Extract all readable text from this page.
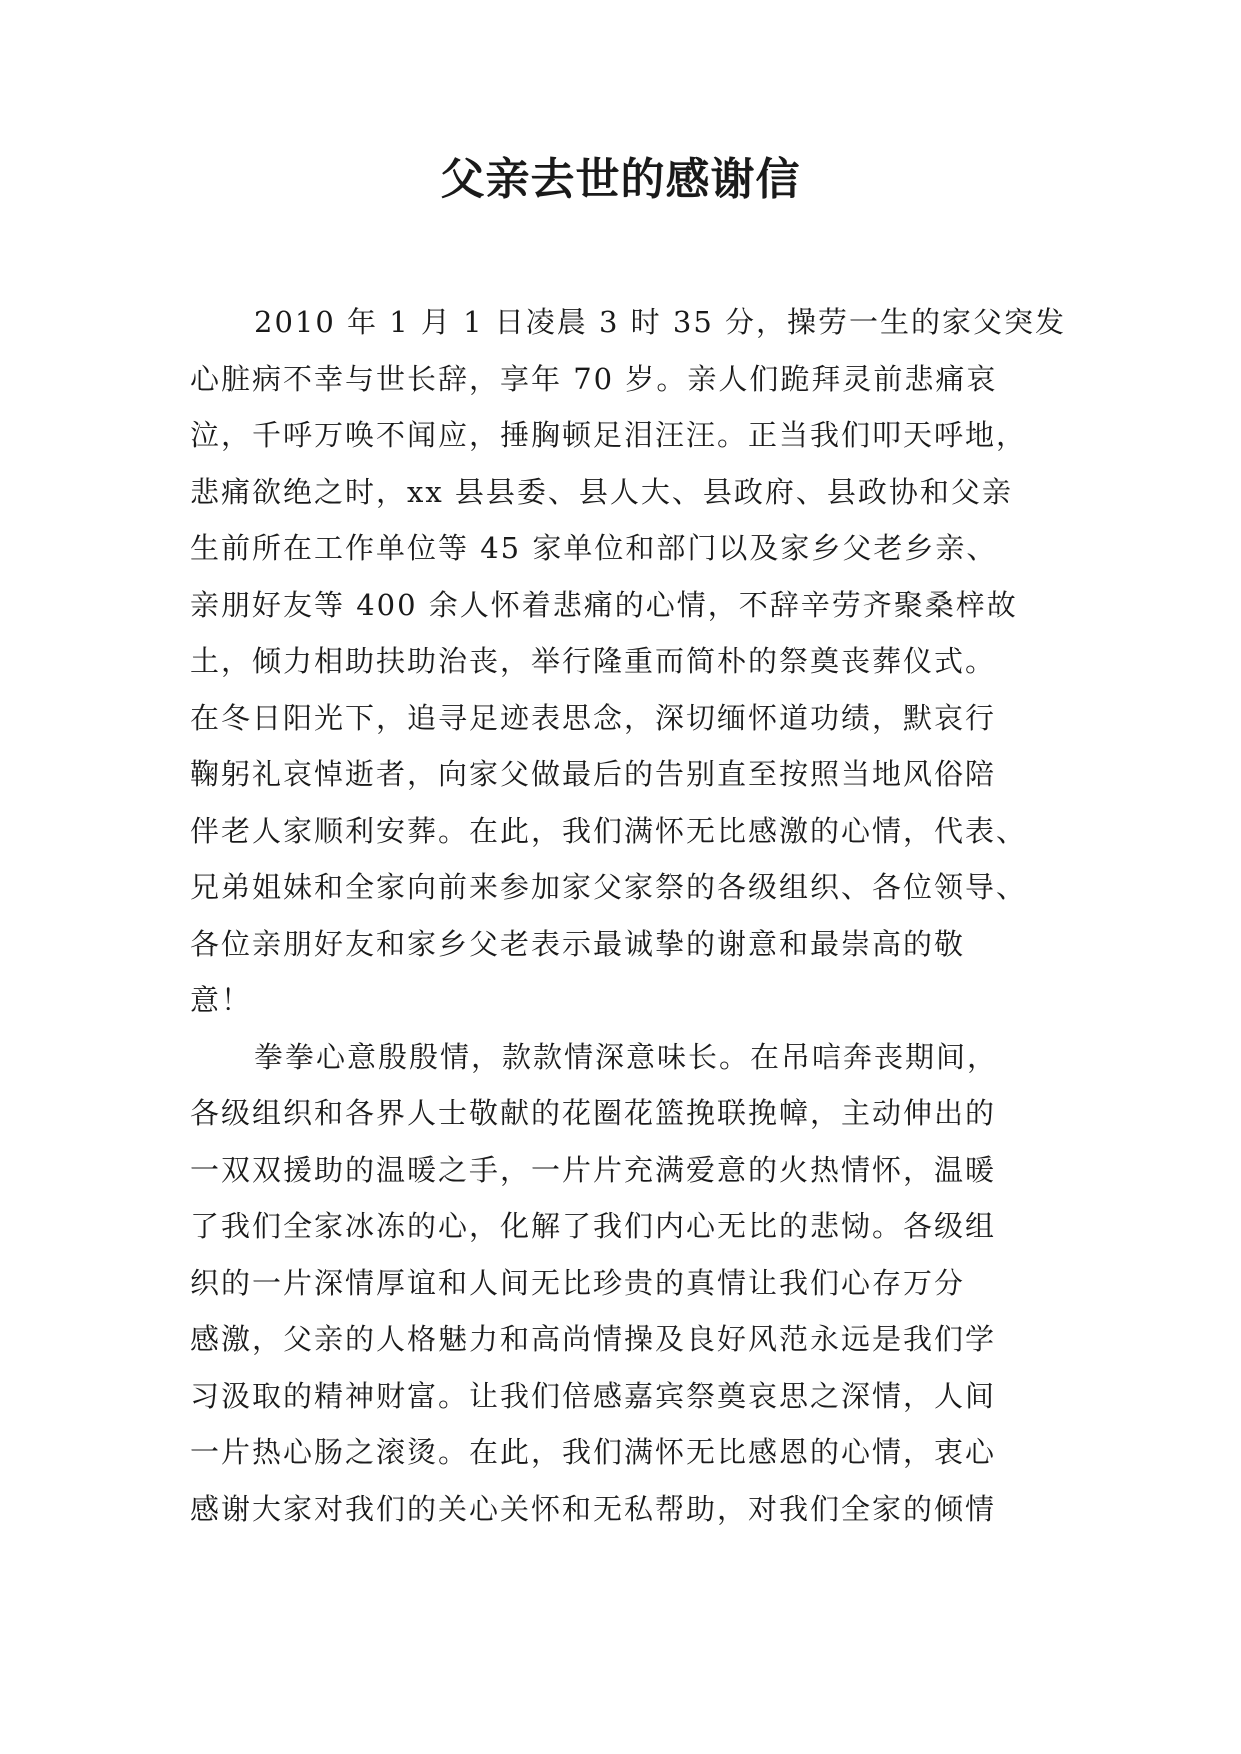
父亲去世的感谢信

2010 年 1 月 1 日凌晨 3 时 35 分，操劳一生的家父突发

心脏病不幸与世长辞，享年 70 岁。亲人们跪拜灵前悲痛哀

泣，千呼万唤不闻应，捶胸顿足泪汪汪。正当我们叩天呼地，

悲痛欲绝之时，xx 县县委、县人大、县政府、县政协和父亲

生前所在工作单位等 45 家单位和部门以及家乡父老乡亲、

亲朋好友等 400 余人怀着悲痛的心情，不辞辛劳齐聚桑梓故

土，倾力相助扶助治丧，举行隆重而简朴的祭奠丧葬仪式。

在冬日阳光下，追寻足迹表思念，深切缅怀道功绩，默哀行

鞠躬礼哀悼逝者，向家父做最后的告别直至按照当地风俗陪

伴老人家顺利安葬。在此，我们满怀无比感激的心情，代表、

兄弟姐妹和全家向前来参加家父家祭的各级组织、各位领导、

各位亲朋好友和家乡父老表示最诚挚的谢意和最崇高的敬

意！

拳拳心意殷殷情，款款情深意味长。在吊唁奔丧期间，

各级组织和各界人士敬献的花圈花篮挽联挽幛，主动伸出的

一双双援助的温暖之手，一片片充满爱意的火热情怀，温暖

了我们全家冰冻的心，化解了我们内心无比的悲恸。各级组

织的一片深情厚谊和人间无比珍贵的真情让我们心存万分

感激，父亲的人格魅力和高尚情操及良好风范永远是我们学

习汲取的精神财富。让我们倍感嘉宾祭奠哀思之深情，人间

一片热心肠之滚烫。在此，我们满怀无比感恩的心情，衷心

感谢大家对我们的关心关怀和无私帮助，对我们全家的倾情
